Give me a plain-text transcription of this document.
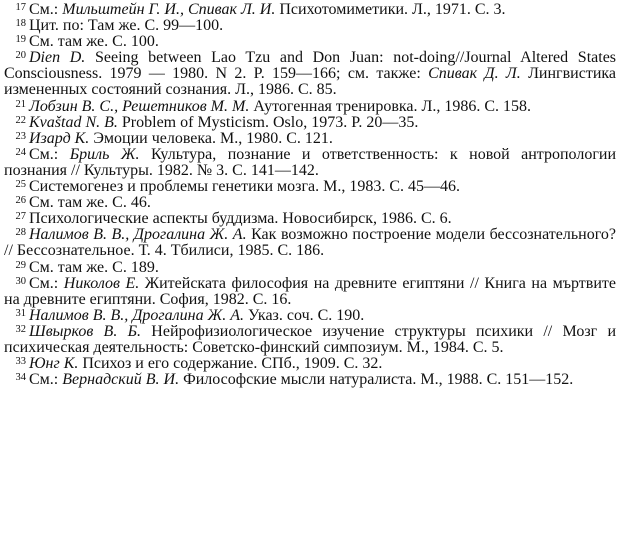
17 См.: Мильштейн Г. И., Спивак Л. И. Психотомиметики. Л., 1971. С. 3.

18 Цит. по: Там же. С. 99—100.

19 См. там же. С. 100.

20 Dien D. Seeing between Lao Tzu and Don Juan: not-doing//Journal Altered States Consciousness. 1979 — 1980. N 2. P. 159—166; см. также: Спивак Д. Л. Лингвистика измененных состояний сознания. Л., 1986. С. 85.

21 Лобзин В. С., Решетников М. М. Аутогенная тренировка. Л., 1986. С. 158.

22 Kvaštad N. B. Problem of Mysticism. Oslo, 1973. P. 20—35.

23 Изард К. Эмоции человека. М., 1980. С. 121.

24 См.: Бриль Ж. Культура, познание и ответственность: к новой антропологии познания // Культуры. 1982. № 3. С. 141—142.

25 Системогенез и проблемы генетики мозга. М., 1983. С. 45—46.

26 См. там же. С. 46.

27 Психологические аспекты буддизма. Новосибирск, 1986. С. 6.

28 Налимов В. В., Дрогалина Ж. А. Как возможно построение модели бессознательного? // Бессознательное. Т. 4. Тбилиси, 1985. С. 186.

29 См. там же. С. 189.

30 См.: Николов Е. Житейската философия на древните египтяни // Книга на мъртвите на древните египтяни. София, 1982. С. 16.

31 Налимов В. В., Дрогалина Ж. А. Указ. соч. С. 190.

32 Швырков В. Б. Нейрофизиологическое изучение структуры психики // Мозг и психическая деятельность: Советско-финский симпозиум. М., 1984. С. 5.

33 Юнг К. Психоз и его содержание. СПб., 1909. С. 32.

34 См.: Вернадский В. И. Философские мысли натуралиста. М., 1988. С. 151—152.
